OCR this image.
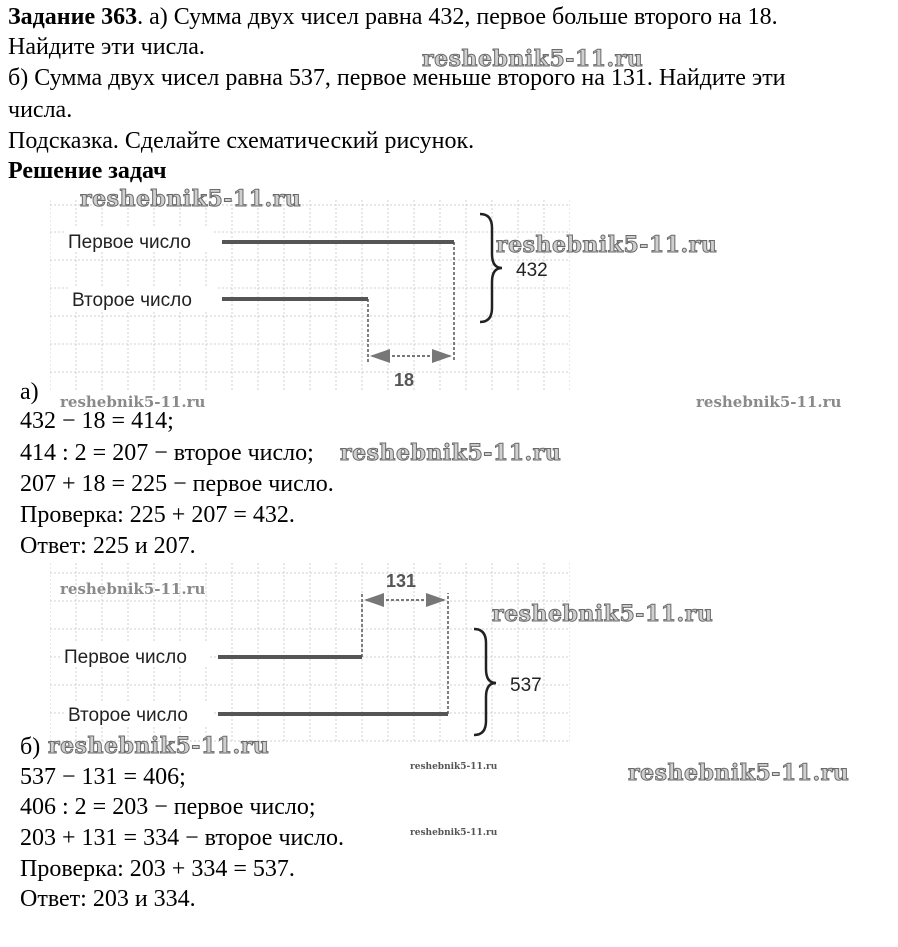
Задание 363. а) Сумма двух чисел равна 432, первое больше второго на 18.
Найдите эти числа.
б) Сумма двух чисел равна 537, первое меньше второго на 131. Найдите эти
числа.
Подсказка. Сделайте схематический рисунок.
Решение задач
Первое число
Второе число
18
432
а)
432 − 18 = 414;
414 : 2 = 207 − второе число;
207 + 18 = 225 − первое число.
Проверка: 225 + 207 = 432.
Ответ: 225 и 207.
Первое число
Второе число
131
537
б)
537 − 131 = 406;
406 : 2 = 203 − первое число;
203 + 131 = 334 − второе число.
Проверка: 203 + 334 = 537.
Ответ: 203 и 334.
reshebnik5-11.ru
reshebnik5-11.ru
reshebnik5-11.ru
reshebnik5-11.ru	reshebnik5-11.ru
reshebnik5-11.ru
reshebnik5-11.ru
reshebnik5-11.ru
reshebnik5-11.ru
reshebnik5-11.ru	reshebnik5-11.ru
reshebnik5-11.ru
